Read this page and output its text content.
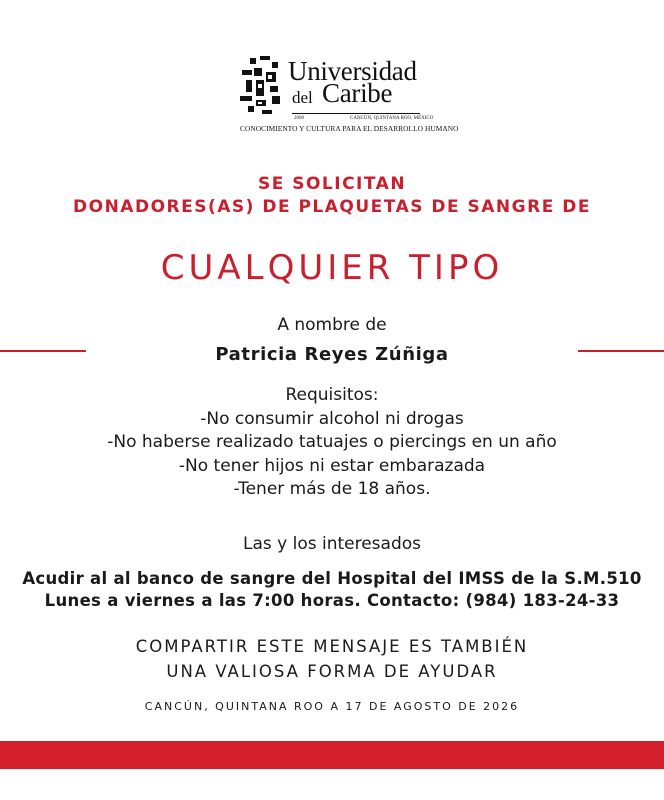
Universidad
del Caribe
2000	CANCÚN, QUINTANA ROO, MÉXICO
CONOCIMIENTO Y CULTURA PARA EL DESARROLLO HUMANO
SE SOLICITAN
DONADORES(AS) DE PLAQUETAS DE SANGRE DE
CUALQUIER TIPO
A nombre de
Patricia Reyes Zúñiga
Requisitos:
-No consumir alcohol ni drogas
-No haberse realizado tatuajes o piercings en un año
-No tener hijos ni estar embarazada
-Tener más de 18 años.
Las y los interesados
Acudir al al banco de sangre del Hospital del IMSS de la S.M.510
Lunes a viernes a las 7:00 horas. Contacto: (984) 183-24-33
COMPARTIR ESTE MENSAJE ES TAMBIÉN
UNA VALIOSA FORMA DE AYUDAR
CANCÚN, QUINTANA ROO A 17 DE AGOSTO DE 2026
